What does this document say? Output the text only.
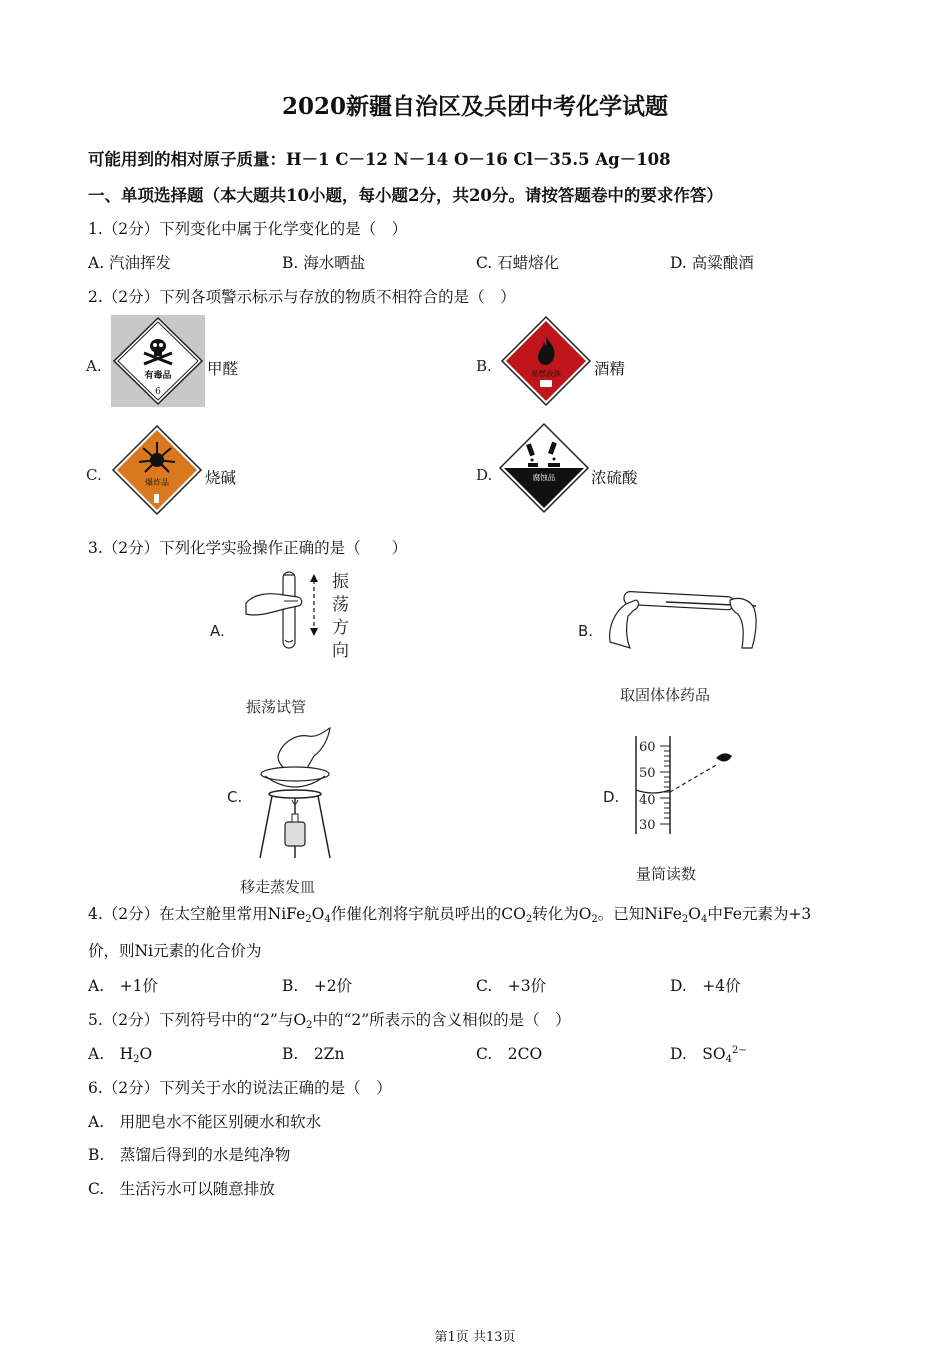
2020新疆自治区及兵团中考化学试题
可能用到的相对原子质量：H－1 C－12 N－14 O－16 Cl－35.5 Ag－108
一、单项选择题（本大题共10小题，每小题2分，共20分。请按答题卷中的要求作答）
1.（2分）下列变化中属于化学变化的是（　）
A. 汽油挥发	B. 海水晒盐	C. 石蜡熔化	D. 高粱酿酒
2.（2分）下列各项警示标示与存放的物质不相符合的是（　）
A.
有毒品
6
甲醛	B.	易燃液体 酒精
C.	爆炸品 烧碱	D.	腐蚀品 浓硫酸
3.（2分）下列化学实验操作正确的是（　　）
A.
振
荡
方
向
振荡试管
B.
取固体体药品
C.
移走蒸发皿
D.
60
50
40
30
量筒读数
4.（2分）在太空舱里常用$NiFe_2O_4$作催化剂将宇航员呼出的$CO_2$转化为$O_2$。已知$NiFe_2O_4$中Fe元素为+3
价，则Ni元素的化合价为
A.　+1价	B.　+2价	C.　+3价	D.　+4价
5.（2分）下列符号中的“2”与$O_2$中的“2”所表示的含义相似的是（　）
A.　$H_2O$	B.　2Zn	C.　2CO	D.　$SO_4^{2-}$
6.（2分）下列关于水的说法正确的是（　）
A.　用肥皂水不能区别硬水和软水
B.　蒸馏后得到的水是纯净物
C.　生活污水可以随意排放
第1页 共13页
